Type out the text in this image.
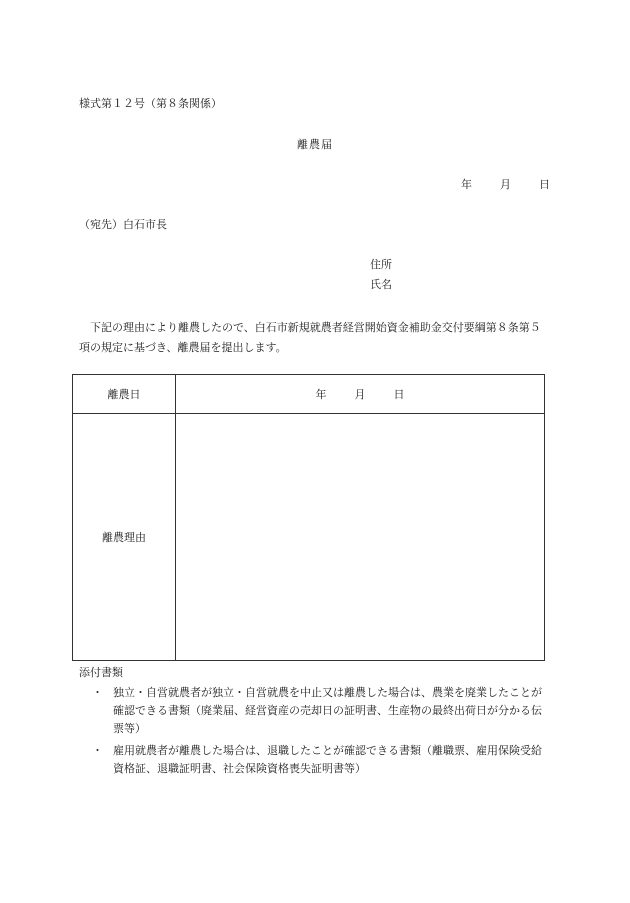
様式第１２号（第８条関係）
離農届
年	月	日
（宛先）白石市長
住所
氏名
下記の理由により離農したので、白石市新規就農者経営開始資金補助金交付要綱第８条第５項の規定に基づき、離農届を提出します。
離農日	年 月 日
離農理由	
添付書類
・ 独立・自営就農者が独立・自営就農を中止又は離農した場合は、農業を廃業したことが確認できる書類（廃業届、経営資産の売却日の証明書、生産物の最終出荷日が分かる伝票等）
・ 雇用就農者が離農した場合は、退職したことが確認できる書類（離職票、雇用保険受給資格証、退職証明書、社会保険資格喪失証明書等）
